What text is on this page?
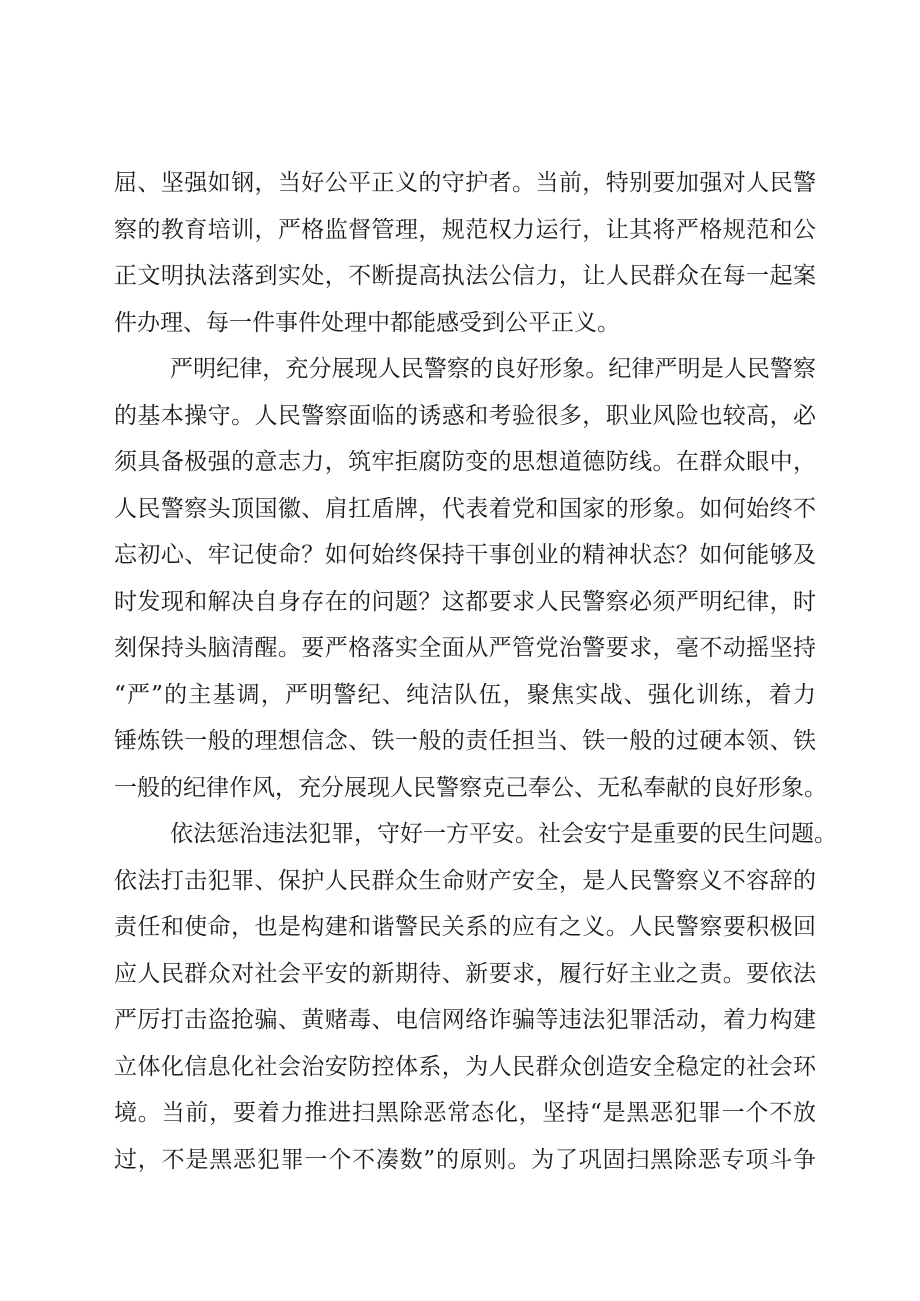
屈、坚强如钢，当好公平正义的守护者。当前，特别要加强对人民警
察的教育培训，严格监督管理，规范权力运行，让其将严格规范和公
正文明执法落到实处，不断提高执法公信力，让人民群众在每一起案
件办理、每一件事件处理中都能感受到公平正义。
严明纪律，充分展现人民警察的良好形象。纪律严明是人民警察
的基本操守。人民警察面临的诱惑和考验很多，职业风险也较高，必
须具备极强的意志力，筑牢拒腐防变的思想道德防线。在群众眼中，
人民警察头顶国徽、肩扛盾牌，代表着党和国家的形象。如何始终不
忘初心、牢记使命？如何始终保持干事创业的精神状态？如何能够及
时发现和解决自身存在的问题？这都要求人民警察必须严明纪律，时
刻保持头脑清醒。要严格落实全面从严管党治警要求，毫不动摇坚持
“严”的主基调，严明警纪、纯洁队伍，聚焦实战、强化训练，着力
锤炼铁一般的理想信念、铁一般的责任担当、铁一般的过硬本领、铁
一般的纪律作风，充分展现人民警察克己奉公、无私奉献的良好形象。
依法惩治违法犯罪，守好一方平安。社会安宁是重要的民生问题。
依法打击犯罪、保护人民群众生命财产安全，是人民警察义不容辞的
责任和使命，也是构建和谐警民关系的应有之义。人民警察要积极回
应人民群众对社会平安的新期待、新要求，履行好主业之责。要依法
严厉打击盗抢骗、黄赌毒、电信网络诈骗等违法犯罪活动，着力构建
立体化信息化社会治安防控体系，为人民群众创造安全稳定的社会环
境。当前，要着力推进扫黑除恶常态化，坚持“是黑恶犯罪一个不放
过，不是黑恶犯罪一个不凑数”的原则。为了巩固扫黑除恶专项斗争
